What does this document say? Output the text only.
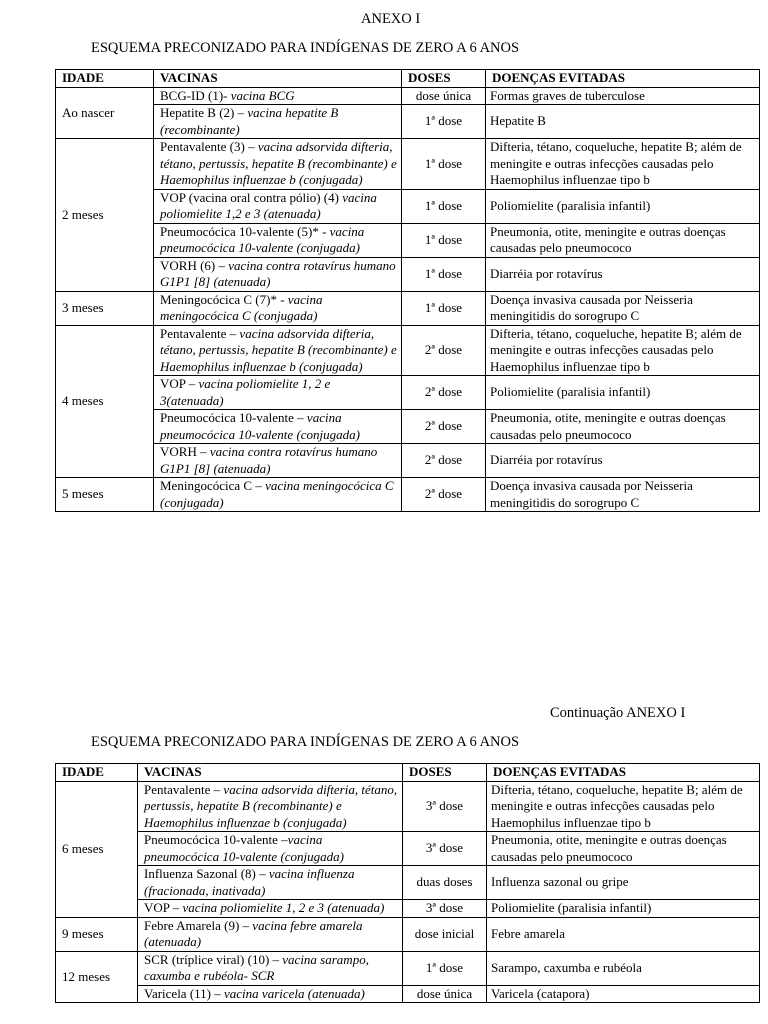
ANEXO I
ESQUEMA PRECONIZADO PARA INDÍGENAS DE ZERO A 6 ANOS
IDADE	VACINAS	DOSES	DOENÇAS EVITADAS
Ao nascer	BCG-ID (1)- vacina BCG	dose única	Formas graves de tuberculose
	Hepatite B (2) – vacina hepatite B (recombinante)	1ª dose	Hepatite B
2 meses	Pentavalente (3) – vacina adsorvida difteria, tétano, pertussis, hepatite B (recombinante) e Haemophilus influenzae b (conjugada)	1ª dose	Difteria, tétano, coqueluche, hepatite B; além de meningite e outras infecções causadas pelo Haemophilus influenzae tipo b
	VOP (vacina oral contra pólio) (4) vacina poliomielite 1,2 e 3 (atenuada)	1ª dose	Poliomielite (paralisia infantil)
	Pneumocócica 10-valente (5)* - vacina pneumocócica 10-valente (conjugada)	1ª dose	Pneumonia, otite, meningite e outras doenças causadas pelo pneumococo
	VORH (6) – vacina contra rotavírus humano G1P1 [8] (atenuada)	1ª dose	Diarréia por rotavírus
3 meses	Meningocócica C (7)* - vacina meningocócica C (conjugada)	1ª dose	Doença invasiva causada por Neisseria meningitidis do sorogrupo C
4 meses	Pentavalente – vacina adsorvida difteria, tétano, pertussis, hepatite B (recombinante) e Haemophilus influenzae b (conjugada)	2ª dose	Difteria, tétano, coqueluche, hepatite B; além de meningite e outras infecções causadas pelo Haemophilus influenzae tipo b
	VOP – vacina poliomielite 1, 2 e 3(atenuada)	2ª dose	Poliomielite (paralisia infantil)
	Pneumocócica 10-valente – vacina pneumocócica 10-valente (conjugada)	2ª dose	Pneumonia, otite, meningite e outras doenças causadas pelo pneumococo
	VORH – vacina contra rotavírus humano G1P1 [8] (atenuada)	2ª dose	Diarréia por rotavírus
5 meses	Meningocócica C – vacina meningocócica C (conjugada)	2ª dose	Doença invasiva causada por Neisseria meningitidis do sorogrupo C
Continuação ANEXO I
ESQUEMA PRECONIZADO PARA INDÍGENAS DE ZERO A 6 ANOS
IDADE	VACINAS	DOSES	DOENÇAS EVITADAS
6 meses	Pentavalente – vacina adsorvida difteria, tétano, pertussis, hepatite B (recombinante) e Haemophilus influenzae b (conjugada)	3ª dose	Difteria, tétano, coqueluche, hepatite B; além de meningite e outras infecções causadas pelo Haemophilus influenzae tipo b
	Pneumocócica 10-valente –vacina pneumocócica 10-valente (conjugada)	3ª dose	Pneumonia, otite, meningite e outras doenças causadas pelo pneumococo
	Influenza Sazonal (8) – vacina influenza (fracionada, inativada)	duas doses	Influenza sazonal ou gripe
	VOP – vacina poliomielite 1, 2 e 3 (atenuada)	3ª dose	Poliomielite (paralisia infantil)
9 meses	Febre Amarela (9) – vacina febre amarela (atenuada)	dose inicial	Febre amarela
12 meses	SCR (tríplice viral) (10) – vacina sarampo, caxumba e rubéola- SCR	1ª dose	Sarampo, caxumba e rubéola
	Varicela (11) – vacina varicela (atenuada)	dose única	Varicela (catapora)
